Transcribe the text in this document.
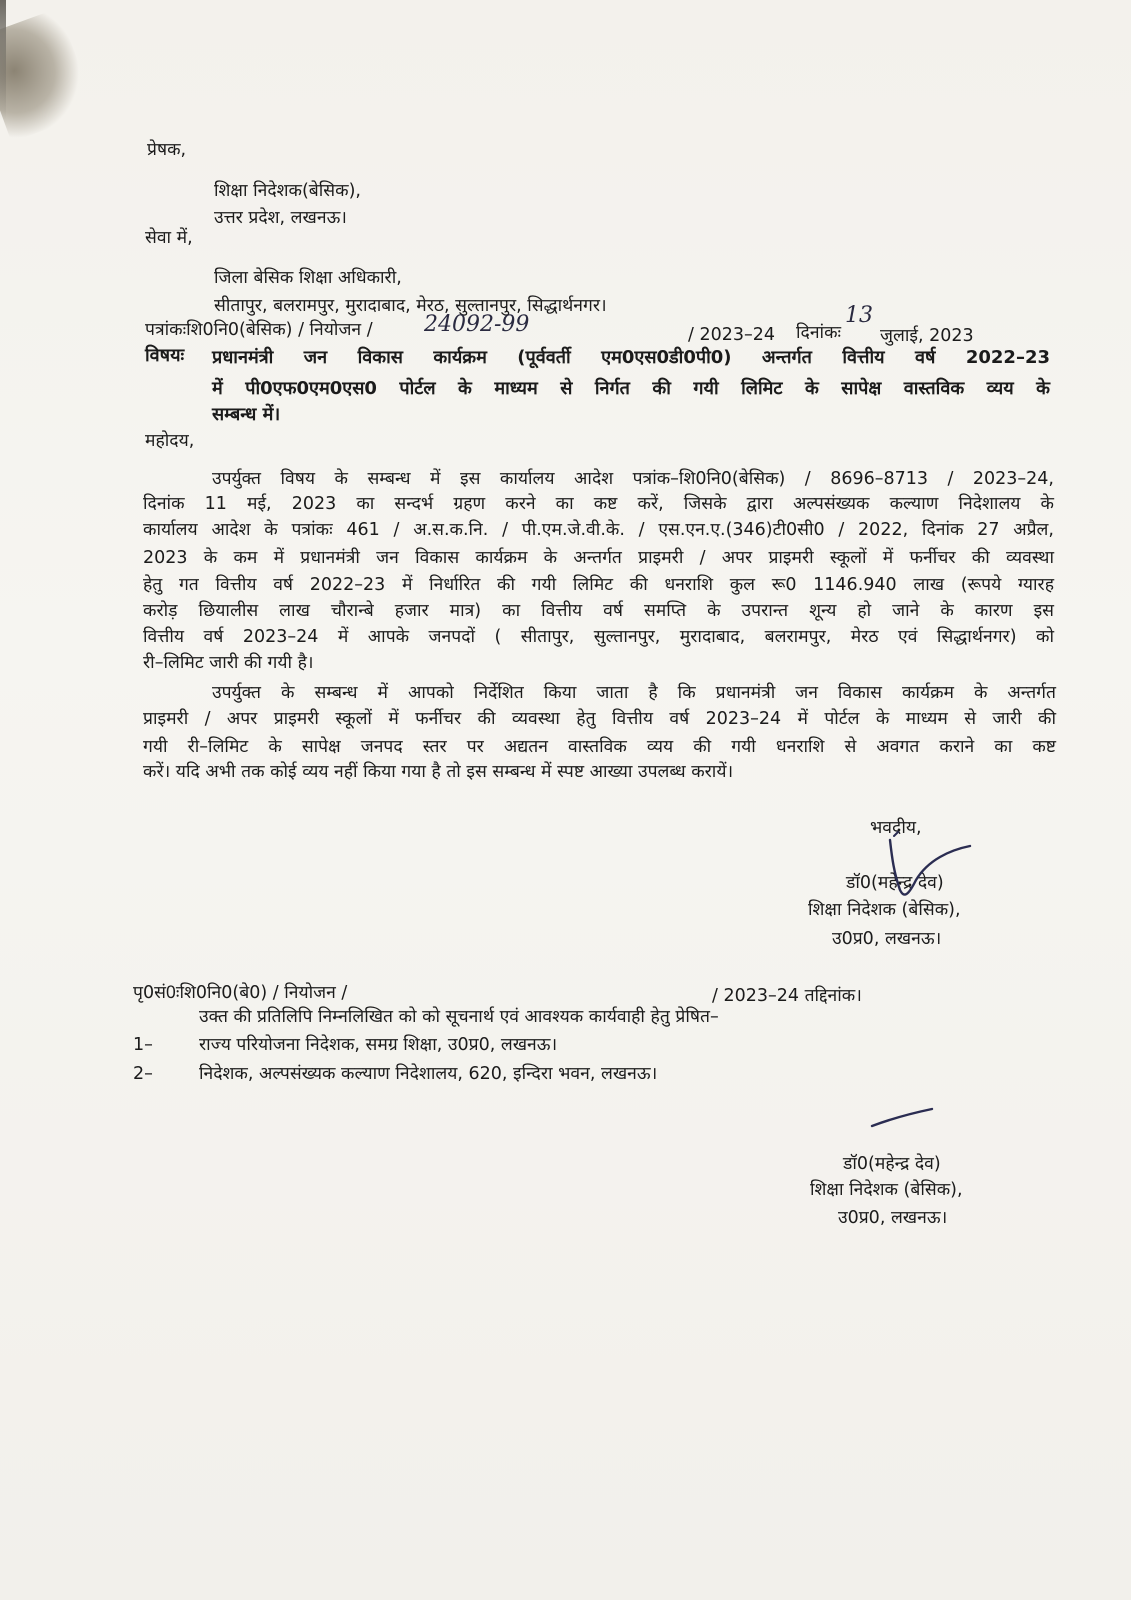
प्रेषक,
शिक्षा निदेशक(बेसिक),
उत्तर प्रदेश, लखनऊ।
सेवा में,
जिला बेसिक शिक्षा अधिकारी,
सीतापुर, बलरामपुर, मुरादाबाद, मेरठ, सुल्तानपुर, सिद्धार्थनगर।
पत्रांकःशि0नि0(बेसिक) / नियोजन / 24092-99	/ 2023–24 दिनांकः
13
जुलाई, 2023
विषयः प्रधानमंत्री जन विकास कार्यक्रम (पूर्ववर्ती एम0एस0डी0पी0) अन्तर्गत वित्तीय वर्ष 2022–23
में पी0एफ0एम0एस0 पोर्टल के माध्यम से निर्गत की गयी लिमिट के सापेक्ष वास्तविक व्यय के
सम्बन्ध में।
महोदय,
उपर्युक्त विषय के सम्बन्ध में इस कार्यालय आदेश पत्रांक–शि0नि0(बेसिक) / 8696–8713 / 2023–24,
दिनांक 11 मई, 2023 का सन्दर्भ ग्रहण करने का कष्ट करें, जिसके द्वारा अल्पसंख्यक कल्याण निदेशालय के
कार्यालय आदेश के पत्रांकः 461 / अ.स.क.नि. / पी.एम.जे.वी.के. / एस.एन.ए.(346)टी0सी0 / 2022, दिनांक 27 अप्रैल,
2023 के कम में प्रधानमंत्री जन विकास कार्यक्रम के अन्तर्गत प्राइमरी / अपर प्राइमरी स्कूलों में फर्नीचर की व्यवस्था
हेतु गत वित्तीय वर्ष 2022–23 में निर्धारित की गयी लिमिट की धनराशि कुल रू0 1146.940 लाख (रूपये ग्यारह
करोड़ छियालीस लाख चौरान्बे हजार मात्र) का वित्तीय वर्ष समप्ति के उपरान्त शून्य हो जाने के कारण इस
वित्तीय वर्ष 2023–24 में आपके जनपदों ( सीतापुर, सुल्तानपुर, मुरादाबाद, बलरामपुर, मेरठ एवं सिद्धार्थनगर) को
री–लिमिट जारी की गयी है।
उपर्युक्त के सम्बन्ध में आपको निर्देशित किया जाता है कि प्रधानमंत्री जन विकास कार्यक्रम के अन्तर्गत
प्राइमरी / अपर प्राइमरी स्कूलों में फर्नीचर की व्यवस्था हेतु वित्तीय वर्ष 2023–24 में पोर्टल के माध्यम से जारी की
गयी री–लिमिट के सापेक्ष जनपद स्तर पर अद्यतन वास्तविक व्यय की गयी धनराशि से अवगत कराने का कष्ट
करें। यदि अभी तक कोई व्यय नहीं किया गया है तो इस सम्बन्ध में स्पष्ट आख्या उपलब्ध करायें।
भवदीय,
डॉ0(महेन्द्र देव)
शिक्षा निदेशक (बेसिक),
उ0प्र0, लखनऊ।
पृ0सं0ःशि0नि0(बे0) / नियोजन /	/ 2023–24 तद्दिनांक।
उक्त की प्रतिलिपि निम्नलिखित को को सूचनार्थ एवं आवश्यक कार्यवाही हेतु प्रेषित–
1–	राज्य परियोजना निदेशक, समग्र शिक्षा, उ0प्र0, लखनऊ।
2–	निदेशक, अल्पसंख्यक कल्याण निदेशालय, 620, इन्दिरा भवन, लखनऊ।
डॉ0(महेन्द्र देव)
शिक्षा निदेशक (बेसिक),
उ0प्र0, लखनऊ।
